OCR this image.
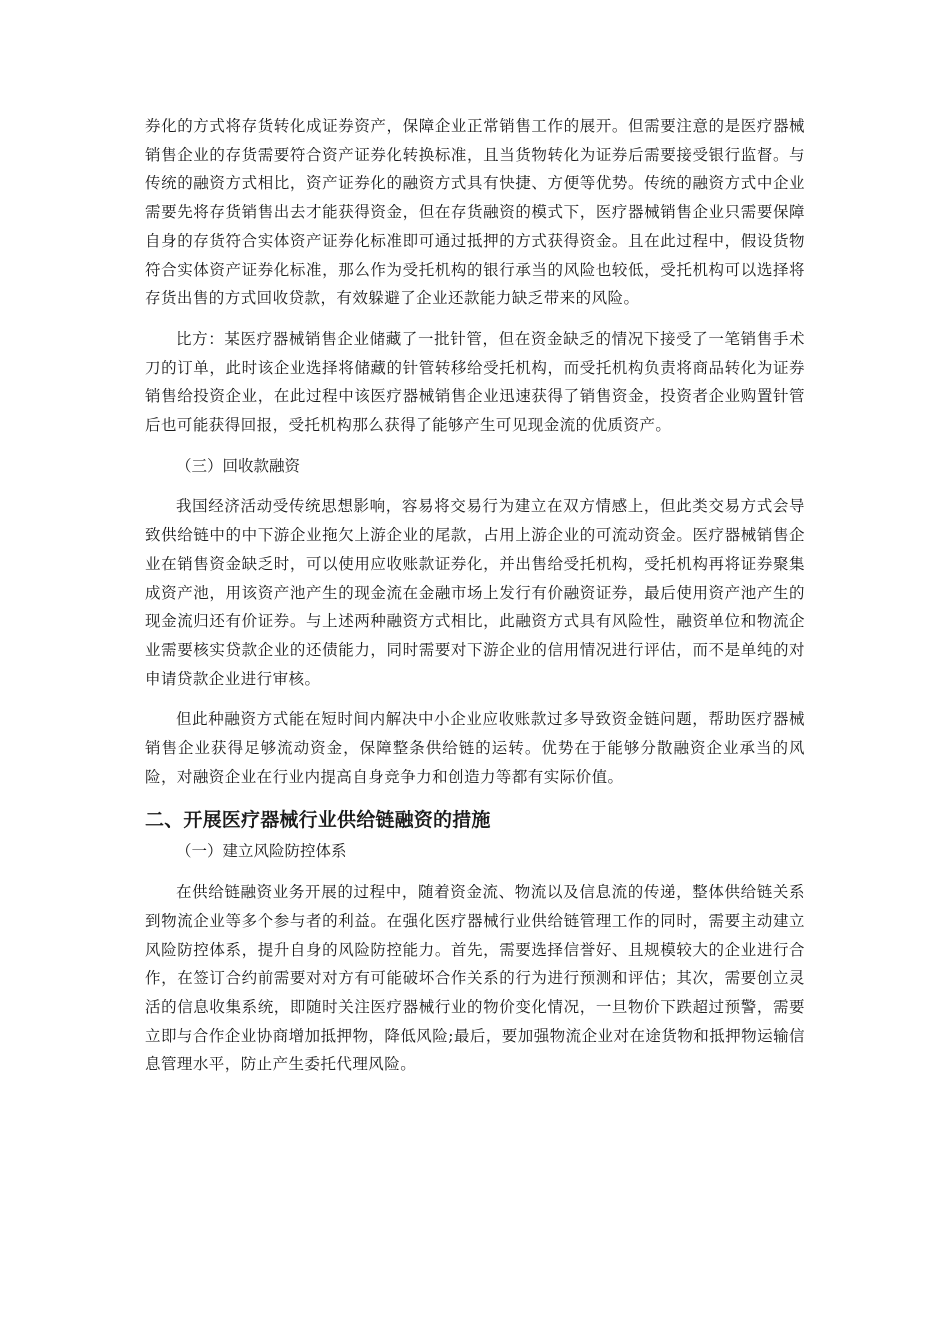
券化的方式将存货转化成证券资产，保障企业正常销售工作的展开。但需要注意的是医疗器械销售企业的存货需要符合资产证券化转换标准，且当货物转化为证券后需要接受银行监督。与传统的融资方式相比，资产证券化的融资方式具有快捷、方便等优势。传统的融资方式中企业需要先将存货销售出去才能获得资金，但在存货融资的模式下，医疗器械销售企业只需要保障自身的存货符合实体资产证券化标准即可通过抵押的方式获得资金。且在此过程中，假设货物符合实体资产证券化标准，那么作为受托机构的银行承当的风险也较低，受托机构可以选择将存货出售的方式回收贷款，有效躲避了企业还款能力缺乏带来的风险。

比方：某医疗器械销售企业储藏了一批针管，但在资金缺乏的情况下接受了一笔销售手术刀的订单，此时该企业选择将储藏的针管转移给受托机构，而受托机构负责将商品转化为证券销售给投资企业，在此过程中该医疗器械销售企业迅速获得了销售资金，投资者企业购置针管后也可能获得回报，受托机构那么获得了能够产生可见现金流的优质资产。

（三）回收款融资

我国经济活动受传统思想影响，容易将交易行为建立在双方情感上，但此类交易方式会导致供给链中的中下游企业拖欠上游企业的尾款，占用上游企业的可流动资金。医疗器械销售企业在销售资金缺乏时，可以使用应收账款证券化，并出售给受托机构，受托机构再将证券聚集成资产池，用该资产池产生的现金流在金融市场上发行有价融资证券，最后使用资产池产生的现金流归还有价证券。与上述两种融资方式相比，此融资方式具有风险性，融资单位和物流企业需要核实贷款企业的还债能力，同时需要对下游企业的信用情况进行评估，而不是单纯的对申请贷款企业进行审核。

但此种融资方式能在短时间内解决中小企业应收账款过多导致资金链问题，帮助医疗器械销售企业获得足够流动资金，保障整条供给链的运转。优势在于能够分散融资企业承当的风险，对融资企业在行业内提高自身竞争力和创造力等都有实际价值。

二、开展医疗器械行业供给链融资的措施

（一）建立风险防控体系

在供给链融资业务开展的过程中，随着资金流、物流以及信息流的传递，整体供给链关系到物流企业等多个参与者的利益。在强化医疗器械行业供给链管理工作的同时，需要主动建立风险防控体系，提升自身的风险防控能力。首先，需要选择信誉好、且规模较大的企业进行合作，在签订合约前需要对对方有可能破坏合作关系的行为进行预测和评估；其次，需要创立灵活的信息收集系统，即随时关注医疗器械行业的物价变化情况，一旦物价下跌超过预警，需要立即与合作企业协商增加抵押物，降低风险;最后，要加强物流企业对在途货物和抵押物运输信息管理水平，防止产生委托代理风险。
